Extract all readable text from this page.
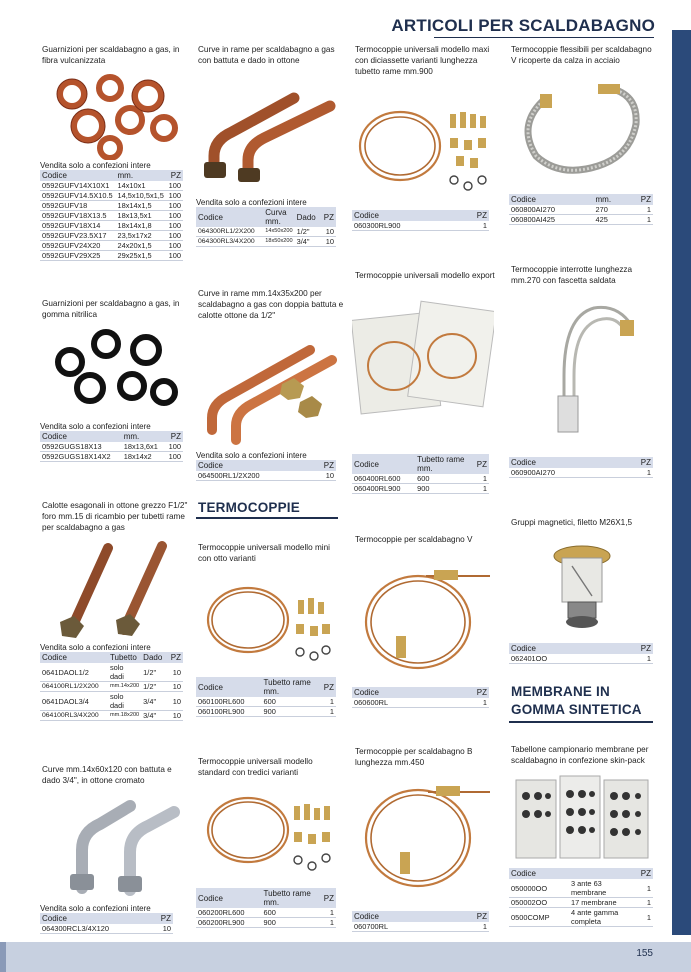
155
ARTICOLI PER SCALDABAGNO
Guarnizioni per scaldabagno a gas, in
fibra vulcanizzata
Vendita solo a confezioni intere
Codice	mm.	PZ
0592GUFV14X10X1	14x10x1	100
0592GUFV14.5X10.5	14,5x10,5x1,5	100
0592GUFV18	18x14x1,5	100
0592GUFV18X13.5	18x13,5x1	100
0592GUFV18X14	18x14x1,8	100
0592GUFV23.5X17	23,5x17x2	100
0592GUFV24X20	24x20x1,5	100
0592GUFV29X25	29x25x1,5	100
Guarnizioni per scaldabagno a gas, in
gomma nitrilica
Vendita solo a confezioni intere
Codice	mm.	PZ
0592GUGS18X13	18x13,6x1	100
0592GUGS18X14X2	18x14x2	100
Calotte esagonali in ottone grezzo F1/2"
foro mm.15 di ricambio per tubetti rame
per scaldabagno a gas
Vendita solo a confezioni intere
Codice	Tubetto	Dado	PZ
0641DAOL1/2	solo dadi	1/2"	10
064100RL1/2X200	mm.14x200	1/2"	10
0641DAOL3/4	solo dadi	3/4"	10
064100RL3/4X200	mm.18x200	3/4"	10
Curve mm.14x60x120 con battuta e
dado 3/4", in ottone cromato
Vendita solo a confezioni intere
Codice	PZ
064300RCL3/4X120	10
Curve in rame per scaldabagno a gas
con battuta e dado in ottone
Vendita solo a confezioni intere
Codice	Curva mm.	Dado	PZ
064300RL1/2X200	14x50x200	1/2"	10
064300RL3/4X200	18x50x200	3/4"	10
Curve in rame mm.14x35x200 per
scaldabagno a gas con doppia battuta e
calotte ottone da 1/2"
Vendita solo a confezioni intere
Codice	PZ
064500RL1/2X200	10
TERMOCOPPIE
Termocoppie universali modello mini
con otto varianti
Codice	Tubetto rame mm.	PZ
060100RL600	600	1
060100RL900	900	1
Termocoppie universali modello
standard con tredici varianti
Codice	Tubetto rame mm.	PZ
060200RL600	600	1
060200RL900	900	1
Termocoppie universali modello maxi
con diciassette varianti lunghezza
tubetto rame mm.900
Codice	PZ
060300RL900	1
Termocoppie universali modello export
Codice	Tubetto rame mm.	PZ
060400RL600	600	1
060400RL900	900	1
Termocoppie per scaldabagno V
Codice	PZ
060600RL	1
Termocoppie per scaldabagno B
lunghezza mm.450
Codice	PZ
060700RL	1
Termocoppie flessibili per scaldabagno
V ricoperte da calza in acciaio
Codice	mm.	PZ
060800AI270	270	1
060800AI425	425	1
Termocoppie interrotte lunghezza
mm.270 con fascetta saldata
Codice	PZ
060900AI270	1
Gruppi magnetici, filetto M26X1,5
Codice	PZ
062401OO	1
MEMBRANE IN
GOMMA SINTETICA
Tabellone campionario membrane per
scaldabagno in confezione skin-pack
Codice		PZ
050000OO	3 ante 63 membrane	1
050002OO	17 membrane	1
0500COMP	4 ante gamma completa	1
